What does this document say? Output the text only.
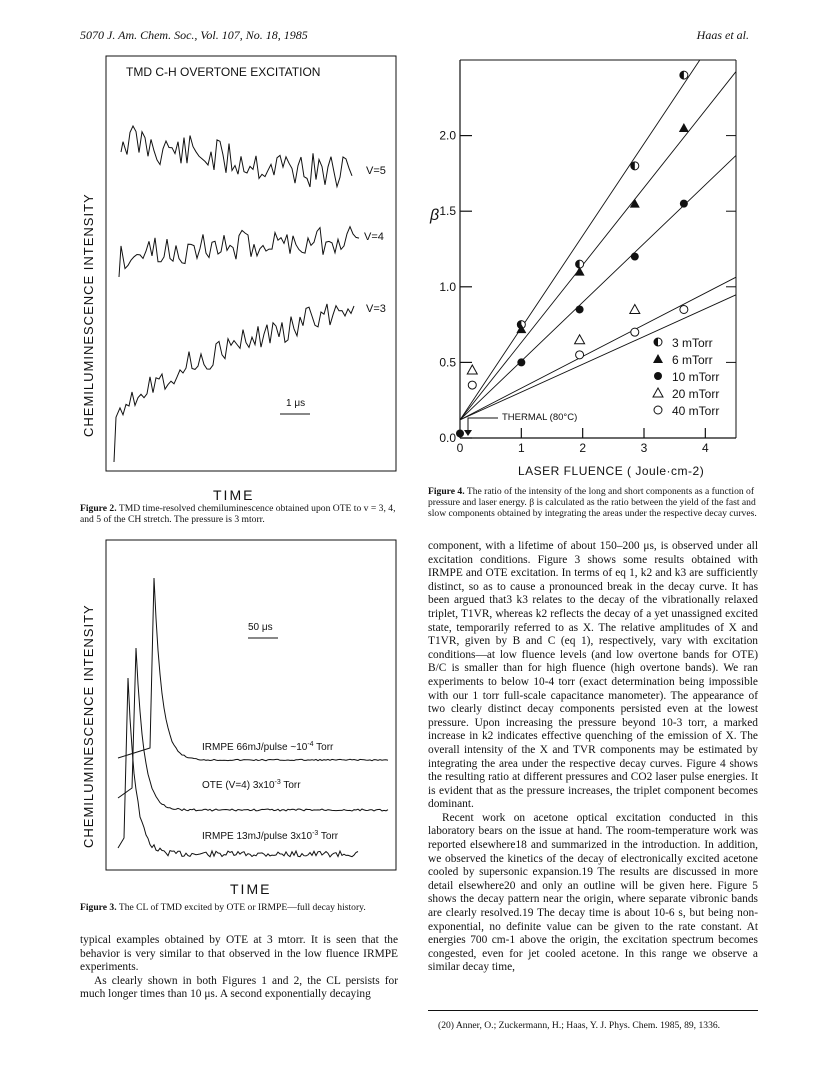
5070 J. Am. Chem. Soc., Vol. 107, No. 18, 1985	Haas et al.
TMD C-H OVERTONE EXCITATION
CHEMILUMINESCENCE INTENSITY
V=5
V=4
V=3
1 μs
TIME
Figure 2. TMD time-resolved chemiluminescence obtained upon OTE to v = 3, 4, and 5 of the CH stretch. The pressure is 3 mtorr.
CHEMILUMINESCENCE INTENSITY	50 μs
IRMPE 66mJ/pulse $\sim 10^{-4}$ Torr
OTE (V=4) $3x10^{-3}$ Torr
IRMPE 13mJ/pulse $3x10^{-3}$ Torr
TIME
Figure 3. The CL of TMD excited by OTE or IRMPE—full decay history.

typical examples obtained by OTE at 3 mtorr. It is seen that the behavior is very similar to that observed in the low fluence IRMPE experiments.

As clearly shown in both Figures 1 and 2, the CL persists for much longer times than 10 μs. A second exponentially decaying

0.0
0.5
1.5
1.0
2.0
0	1	2	3	4
β
LASER FLUENCE ( Joule·cm-2)
THERMAL (80°C)
3 mTorr
6 mTorr
10 mTorr
20 mTorr
40 mTorr
Figure 4. The ratio of the intensity of the long and short components as a function of pressure and laser energy. β is calculated as the ratio between the yield of the fast and slow components obtained by integrating the areas under the respective decay curves.

component, with a lifetime of about 150–200 μs, is observed under all excitation conditions. Figure 3 shows some results obtained with IRMPE and OTE excitation. In terms of eq 1, k2 and k3 are sufficiently distinct, so as to cause a pronounced break in the decay curve. It has been argued that3 k3 relates to the decay of the vibrationally relaxed triplet, T1VR, whereas k2 reflects the decay of a yet unassigned excited state, temporarily referred to as X. The relative amplitudes of X and T1VR, given by B and C (eq 1), respectively, vary with excitation conditions—at low fluence levels (and low overtone bands for OTE) B/C is smaller than for high fluence (high overtone bands). We ran experiments to below 10-4 torr (exact determination being impossible with our 1 torr full-scale capacitance manometer). The appearance of two clearly distinct decay components persisted even at the lowest pressure. Upon increasing the pressure beyond 10-3 torr, a marked increase in k2 indicates effective quenching of the emission of X. The overall intensity of the X and TVR components may be estimated by integrating the area under the respective decay curves. Figure 4 shows the resulting ratio at different pressures and CO2 laser pulse energies. It is evident that as the pressure increases, the triplet component becomes dominant.

Recent work on acetone optical excitation conducted in this laboratory bears on the issue at hand. The room-temperature work was reported elsewhere18 and summarized in the introduction. In addition, we observed the kinetics of the decay of electronically excited acetone cooled by supersonic expansion.19 The results are discussed in more detail elsewhere20 and only an outline will be given here. Figure 5 shows the decay pattern near the origin, where separate vibronic bands are clearly resolved.19 The decay time is about 10-6 s, but being non-exponential, no definite value can be given to the rate constant. At energies 700 cm-1 above the origin, the excitation spectrum becomes congested, even for jet cooled acetone. In this range we observe a similar decay time,

(20) Anner, O.; Zuckermann, H.; Haas, Y. J. Phys. Chem. 1985, 89, 1336.
